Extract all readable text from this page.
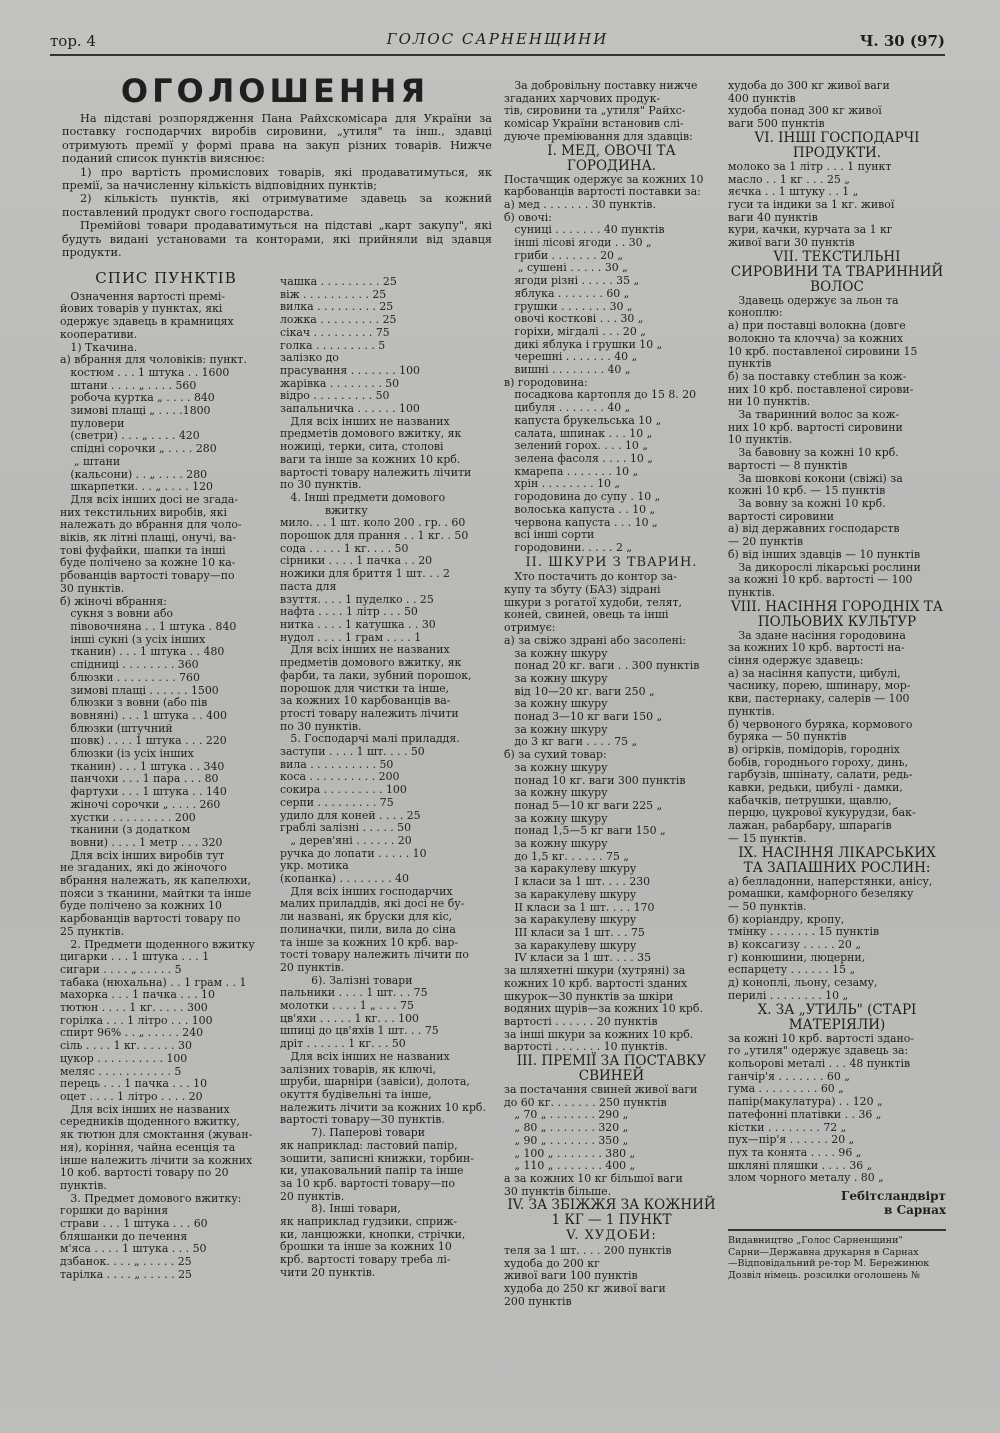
тор. 4	ГОЛОС САРНЕНЩИНИ	Ч. 30 (97)
ОГОЛОШЕННЯ

На підставі розпорядження Пана Райхскомісара для України за поставку господарчих виробів сировини, „утиля" та інш., здавці отримують премії у формі права на закуп різних товарів. Нижче поданий список пунктів вияснює:

1) про вартість промислових товарів, які продаватимуться, як премії, за начисленну кількість відповідних пунктів;

2) кількість пунктів, які отримуватиме здавець за кожний поставлений продукт свого господарства.

Премійові товари продаватимуться на підставі „карт закупу", які будуть видані установами та конторами, які прийняли від здавця продукти.

СПИС ПУНКТІВ
Означення вартості премі-
йових товарів у пунктах, які
одержує здавець в крамницях
кооперативи.
1) Ткачина.
а) вбрання для чоловіків: пункт.
костюм . . . 1 штука . . 1600
штани . . . . „ . . . . 560
робоча куртка „ . . . . 840
зимові плащі „ . . . .1800
пуловери
(светри) . . . „ . . . . 420
спідні сорочки „ . . . . 280
„ штани
(кальсони) . . „ . . . . 280
шкарпетки. . . „ . . . . 120
Для всіх інших досі не згада-
них текстильних виробів, які
належать до вбрання для чоло-
віків, як літні плащі, онучі, ва-
тові фуфайки, шапки та інші
буде полічено за кожне 10 ка-
рбованців вартості товару—по
30 пунктів.
б) жіночі вбрання:
сукня з вовни або
півовочняна . . 1 штука . 840
інші сукні (з усіх інших
тканин) . . . 1 штука . . 480
спідниці . . . . . . . . 360
блюзки . . . . . . . . . 760
зимові плащі . . . . . . 1500
блюзки з вовни (або пів
вовняні) . . . 1 штука . . 400
блюзки (штучний
шовк) . . . . 1 штука . . . 220
блюзки (із усіх інших
тканин) . . . 1 штука . . 340
панчохи . . . 1 пара . . . 80
фартухи . . . 1 штука . . 140
жіночі сорочки „ . . . . 260
хустки . . . . . . . . . 200
тканини (з додатком
вовни) . . . . 1 метр . . . 320
Для всіх інших виробів тут
не згаданих, які до жіночого
вбрання належать, як капелюхи,
пояси з тканини, майтки та інше
буде полічено за кожних 10
карбованців вартості товару по
25 пунктів.
2. Предмети щоденного вжитку
цигарки . . . 1 штука . . . 1
сигари . . . . „ . . . . . 5
табака (нюхальна) . . 1 грам . . 1
махорка . . . 1 пачка . . . 10
тютюн . . . . 1 кг. . . . . 300
горілка . . . 1 літро . . . 100
спирт 96% . . „ . . . . . 240
сіль . . . . 1 кг. . . . . . 30
цукор . . . . . . . . . . 100
меляс . . . . . . . . . . . 5
перець . . . 1 пачка . . . 10
оцет . . . . 1 літро . . . . 20
Для всіх інших не названих
середників щоденного вжитку,
як тютюн для смоктання (жуван-
ня), коріння, чайна есенція та
інше належить лічити за кожних
10 коб. вартості товару по 20
пунктів.
3. Предмет домового вжитку:
горшки до варіння
страви . . . 1 штука . . . 60
бляшанки до печення
м'яса . . . . 1 штука . . . 50
дзбанок. . . . „ . . . . . 25
тарілка . . . . „ . . . . . 25
чашка . . . . . . . . . 25
віж . . . . . . . . . . 25
вилка . . . . . . . . . 25
ложка . . . . . . . . . 25
сікач . . . . . . . . . 75
голка . . . . . . . . . 5
залізко до
прасування . . . . . . . 100
жарівка . . . . . . . . 50
відро . . . . . . . . . 50
запальничка . . . . . . 100
Для всіх інших не названих
предметів домового вжитку, як
ножиці, терки, сита, столові
ваги та інше за кожних 10 крб.
вартості товару належить лічити
по 30 пунктів.
4. Інші предмети домового
вжитку
мило. . . 1 шт. коло 200 . гр. . 60
порошок для прання . . 1 кг. . 50
сода . . . . . 1 кг. . . . 50
сірники . . . . 1 пачка . . 20
ножики для бриття 1 шт. . . 2
паста для
взуття. . . . 1 пуделко . . 25
нафта . . . . 1 літр . . . 50
нитка . . . . 1 катушка . . 30
нудол . . . . 1 грам . . . . 1
Для всіх інших не названих
предметів домового вжитку, як
фарби, та лаки, зубний порошок,
порошок для чистки та інше,
за кожних 10 карбованців ва-
ртості товару належить лічити
по 30 пунктів.
5. Господарчі малі приладдя.
заступи . . . . 1 шт. . . . 50
вила . . . . . . . . . . 50
коса . . . . . . . . . . 200
сокира . . . . . . . . . 100
серпи . . . . . . . . . 75
удило для коней . . . . 25
граблі залізні . . . . . 50
„ дерев'яні . . . . . . 20
ручка до лопати . . . . . 10
укр. мотика
(копанка) . . . . . . . . 40
Для всіх інших господарчих
малих приладдів, які досі не бу-
ли названі, як бруски для кіс,
полиначки, пили, вила до сіна
та інше за кожних 10 крб. вар-
тості товару належить лічити по
20 пунктів.
6). Залізні товари
пальники . . . . 1 шт. . . 75
молотки . . . . 1 „ . . . 75
цв'яхи . . . . . 1 кг. . . 100
шпиці до цв'яхів 1 шт. . . 75
дріт . . . . . . 1 кг. . . 50
Для всіх інших не названих
залізних товарів, як ключі,
шруби, шарніри (завіси), долота,
окуття будівельні та інше,
належить лічити за кожних 10 крб.
вартості товару—30 пунктів.
7). Паперові товари
як наприклад: ластовий папір,
зошити, записні книжки, торбин-
ки, упаковальний папір та інше
за 10 крб. вартості товару—по
20 пунктів.
8). Інші товари,
як наприклад гудзики, сприж-
ки, ланцюжки, кнопки, стрічки,
брошки та інше за кожних 10
крб. вартості товару треба лі-
чити 20 пунктів.
За добровільну поставку нижче
згаданих харчових продук-
тів, сировини та „утиля" Райхс-
комісар України встановив слі-
дуюче преміювання для здавців:
І. МЕД, ОВОЧІ ТА ГОРОДИНА.
Постачщик одержує за кожних 10
карбованців вартості поставки за:
а) мед . . . . . . . 30 пунктів.
б) овочі:
суниці . . . . . . . 40 пунктів
інші лісові ягоди . . 30 „
гриби . . . . . . . 20 „
„ сушені . . . . . 30 „
ягоди різні . . . . . 35 „
яблука . . . . . . . 60 „
грушки . . . . . . . 30 „
овочі косткові . . . 30 „
горіхи, мігдалі . . . 20 „
дикі яблука і грушки 10 „
черешні . . . . . . . 40 „
вишні . . . . . . . . 40 „
в) городовина:
посадкова картопля до 15 8. 20
цибуля . . . . . . . 40 „
капуста брукельська 10 „
салата, шпинак . . . 10 „
зелений горох. . . . 10 „
зелена фасоля . . . . 10 „
кмарепа . . . . . . . 10 „
хрін . . . . . . . . 10 „
городовина до супу . 10 „
волоська капуста . . 10 „
червона капуста . . . 10 „
всі інші сорти
городовини. . . . . 2 „
II. ШКУРИ З ТВАРИН.
Хто постачить до контор за-
купу та збуту (БАЗ) зідрані
шкури з рогатої худоби, телят,
коней, свиней, овець та інші
отримує:
а) за свіжо здрані або засолені:
за кожну шкуру
понад 20 кг. ваги . . 300 пунктів
за кожну шкуру
від 10—20 кг. ваги 250 „
за кожну шкуру
понад 3—10 кг ваги 150 „
за кожну шкуру
до 3 кг ваги . . . . 75 „
б) за сухий товар:
за кожну шкуру
понад 10 кг. ваги 300 пунктів
за кожну шкуру
понад 5—10 кг ваги 225 „
за кожну шкуру
понад 1,5—5 кг ваги 150 „
за кожну шкуру
до 1,5 кг. . . . . . 75 „
за каракулеву шкуру
І класи за 1 шт. . . . 230
за каракулеву шкуру
II класи за 1 шт. . . . 170
за каракулеву шкуру
III класи за 1 шт. . . 75
за каракулеву шкуру
IV класи за 1 шт. . . . 35
за шляхетні шкури (хутряні) за
кожних 10 крб. вартості зданих
шкурок—30 пунктів за шкіри
водяних щурів—за кожних 10 крб.
вартості . . . . . . 20 пунктів
за інші шкури за кожних 10 крб.
вартості . . . . . . . 10 пунктів.
III. ПРЕМІЇ ЗА ПОСТАВКУ СВИНЕЙ
за постачання свиней живої ваги
до 60 кг. . . . . . . 250 пунктів
„ 70 „ . . . . . . . 290 „
„ 80 „ . . . . . . . 320 „
„ 90 „ . . . . . . . 350 „
„ 100 „ . . . . . . . 380 „
„ 110 „ . . . . . . . 400 „
а за кожних 10 кг більшої ваги
30 пунктів більше.
IV. ЗА ЗБІЖЖЯ ЗА КОЖНИЙ 1 КГ — 1 ПУНКТ
V. ХУДОБИ:
теля за 1 шт. . . . 200 пунктів
худоба до 200 кг
живої ваги 100 пунктів
худоба до 250 кг живої ваги
200 пунктів
худоба до 300 кг живої ваги
400 пунктів
худоба понад 300 кг живої
ваги 500 пунктів
VI. ІНШІ ГОСПОДАРЧІ ПРОДУКТИ.
молоко за 1 літр . . . 1 пункт
масло . . 1 кг . . . 25 „
яєчка . . 1 штуку . . 1 „
гуси та індики за 1 кг. живої
ваги 40 пунктів
кури, качки, курчата за 1 кг
живої ваги 30 пунктів
VII. ТЕКСТИЛЬНІ СИРОВИНИ ТА ТВАРИННИЙ ВОЛОС
Здавець одержує за льон та
коноплю:
а) при поставці волокна (довге
волокно та клочча) за кожних
10 крб. поставленої сировини 15
пунктів
б) за поставку стеблин за кож-
них 10 крб. поставленої сирови-
ни 10 пунктів.
За тваринний волос за кож-
них 10 крб. вартості сировини
10 пунктів.
За бавовну за кожні 10 крб.
вартості — 8 пунктів
За шовкові кокони (свіжі) за
кожні 10 крб. — 15 пунктів
За вовну за кожні 10 крб.
вартості сировини
а) від державних господарств
— 20 пунктів
б) від інших здавців — 10 пунктів
За дикорослі лікарські рослини
за кожні 10 крб. вартості — 100
пунктів.
VIII. НАСІННЯ ГОРОДНІХ ТА ПОЛЬОВИХ КУЛЬТУР
За здане насіння городовина
за кожних 10 крб. вартості на-
сіння одержує здавець:
а) за насіння капусти, цибулі,
часнику, порею, шпинару, мор-
кви, пастернаку, салерів — 100
пунктів.
б) червоного буряка, кормового
буряка — 50 пунктів
в) огірків, помідорів, городніх
бобів, городнього гороху, динь,
гарбузів, шпінату, салати, редь-
кавки, редьки, цибулі - дамки,
кабачків, петрушки, щавлю,
перцю, цукрової кукурудзи, бак-
лажан, рабарбару, шпарагів
— 15 пунктів.
IX. НАСІННЯ ЛІКАРСЬКИХ ТА ЗАПАШНИХ РОСЛИН:
а) белладонни, наперстянки, анісу,
ромашки, камфорного безеляку
— 50 пунктів.
б) коріандру, кропу,
тмінку . . . . . . . 15 пунктів
в) коксагизу . . . . . 20 „
г) конюшини, люцерни,
еспарцету . . . . . . 15 „
д) коноплі, льону, сезаму,
перилі . . . . . . . . 10 „
X. ЗА „УТИЛЬ" (СТАРІ МАТЕРІЯЛИ)
за кожні 10 крб. вартості здано-
го „утиля" одержує здавець за:
кольорові металі . . . 48 пунктів
ганчір'я . . . . . . . 60 „
гума . . . . . . . . . 60 „
папір(макулатура) . . 120 „
патефонні платівки . . 36 „
кістки . . . . . . . . 72 „
пух—пір'я . . . . . . 20 „
пух та конята . . . . 96 „
шкляні пляшки . . . . 36 „
злом чорного металу . 80 „
Гебітсландвірт
в Сарнах
Видавництво „Голос Сарненщини"
Сарни—Державна друкарня в Сарнах
—Відповідальний ре-тор М. Бережинюк
Дозвіл німець. розсилки оголошень №
